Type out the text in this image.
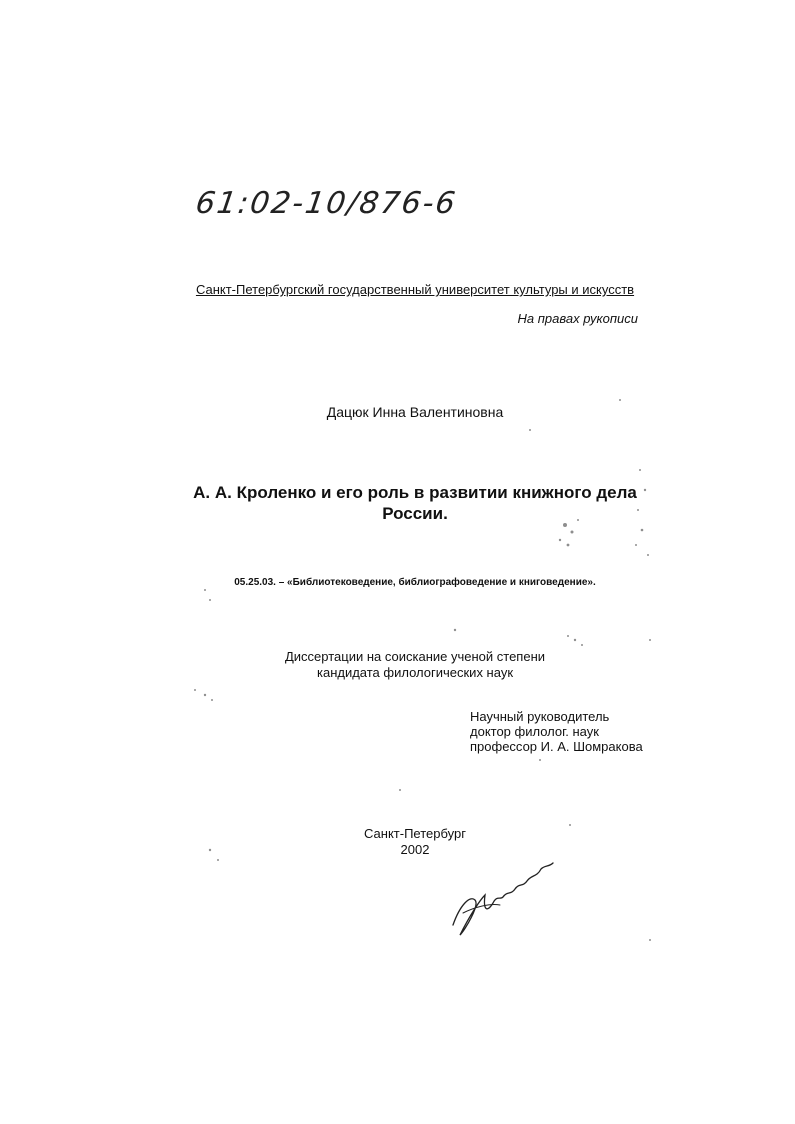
61:02-10/876-6
Санкт-Петербургский государственный университет культуры и искусств
На правах рукописи
Дацюк Инна Валентиновна
А. А. Кроленко и его роль в развитии книжного дела
России.
05.25.03. – «Библиотековедение, библиографоведение и книговедение».
Диссертации на соискание ученой степени
кандидата филологических наук
Научный руководитель
доктор филолог. наук
профессор И. А. Шомракова
Санкт-Петербург
2002
